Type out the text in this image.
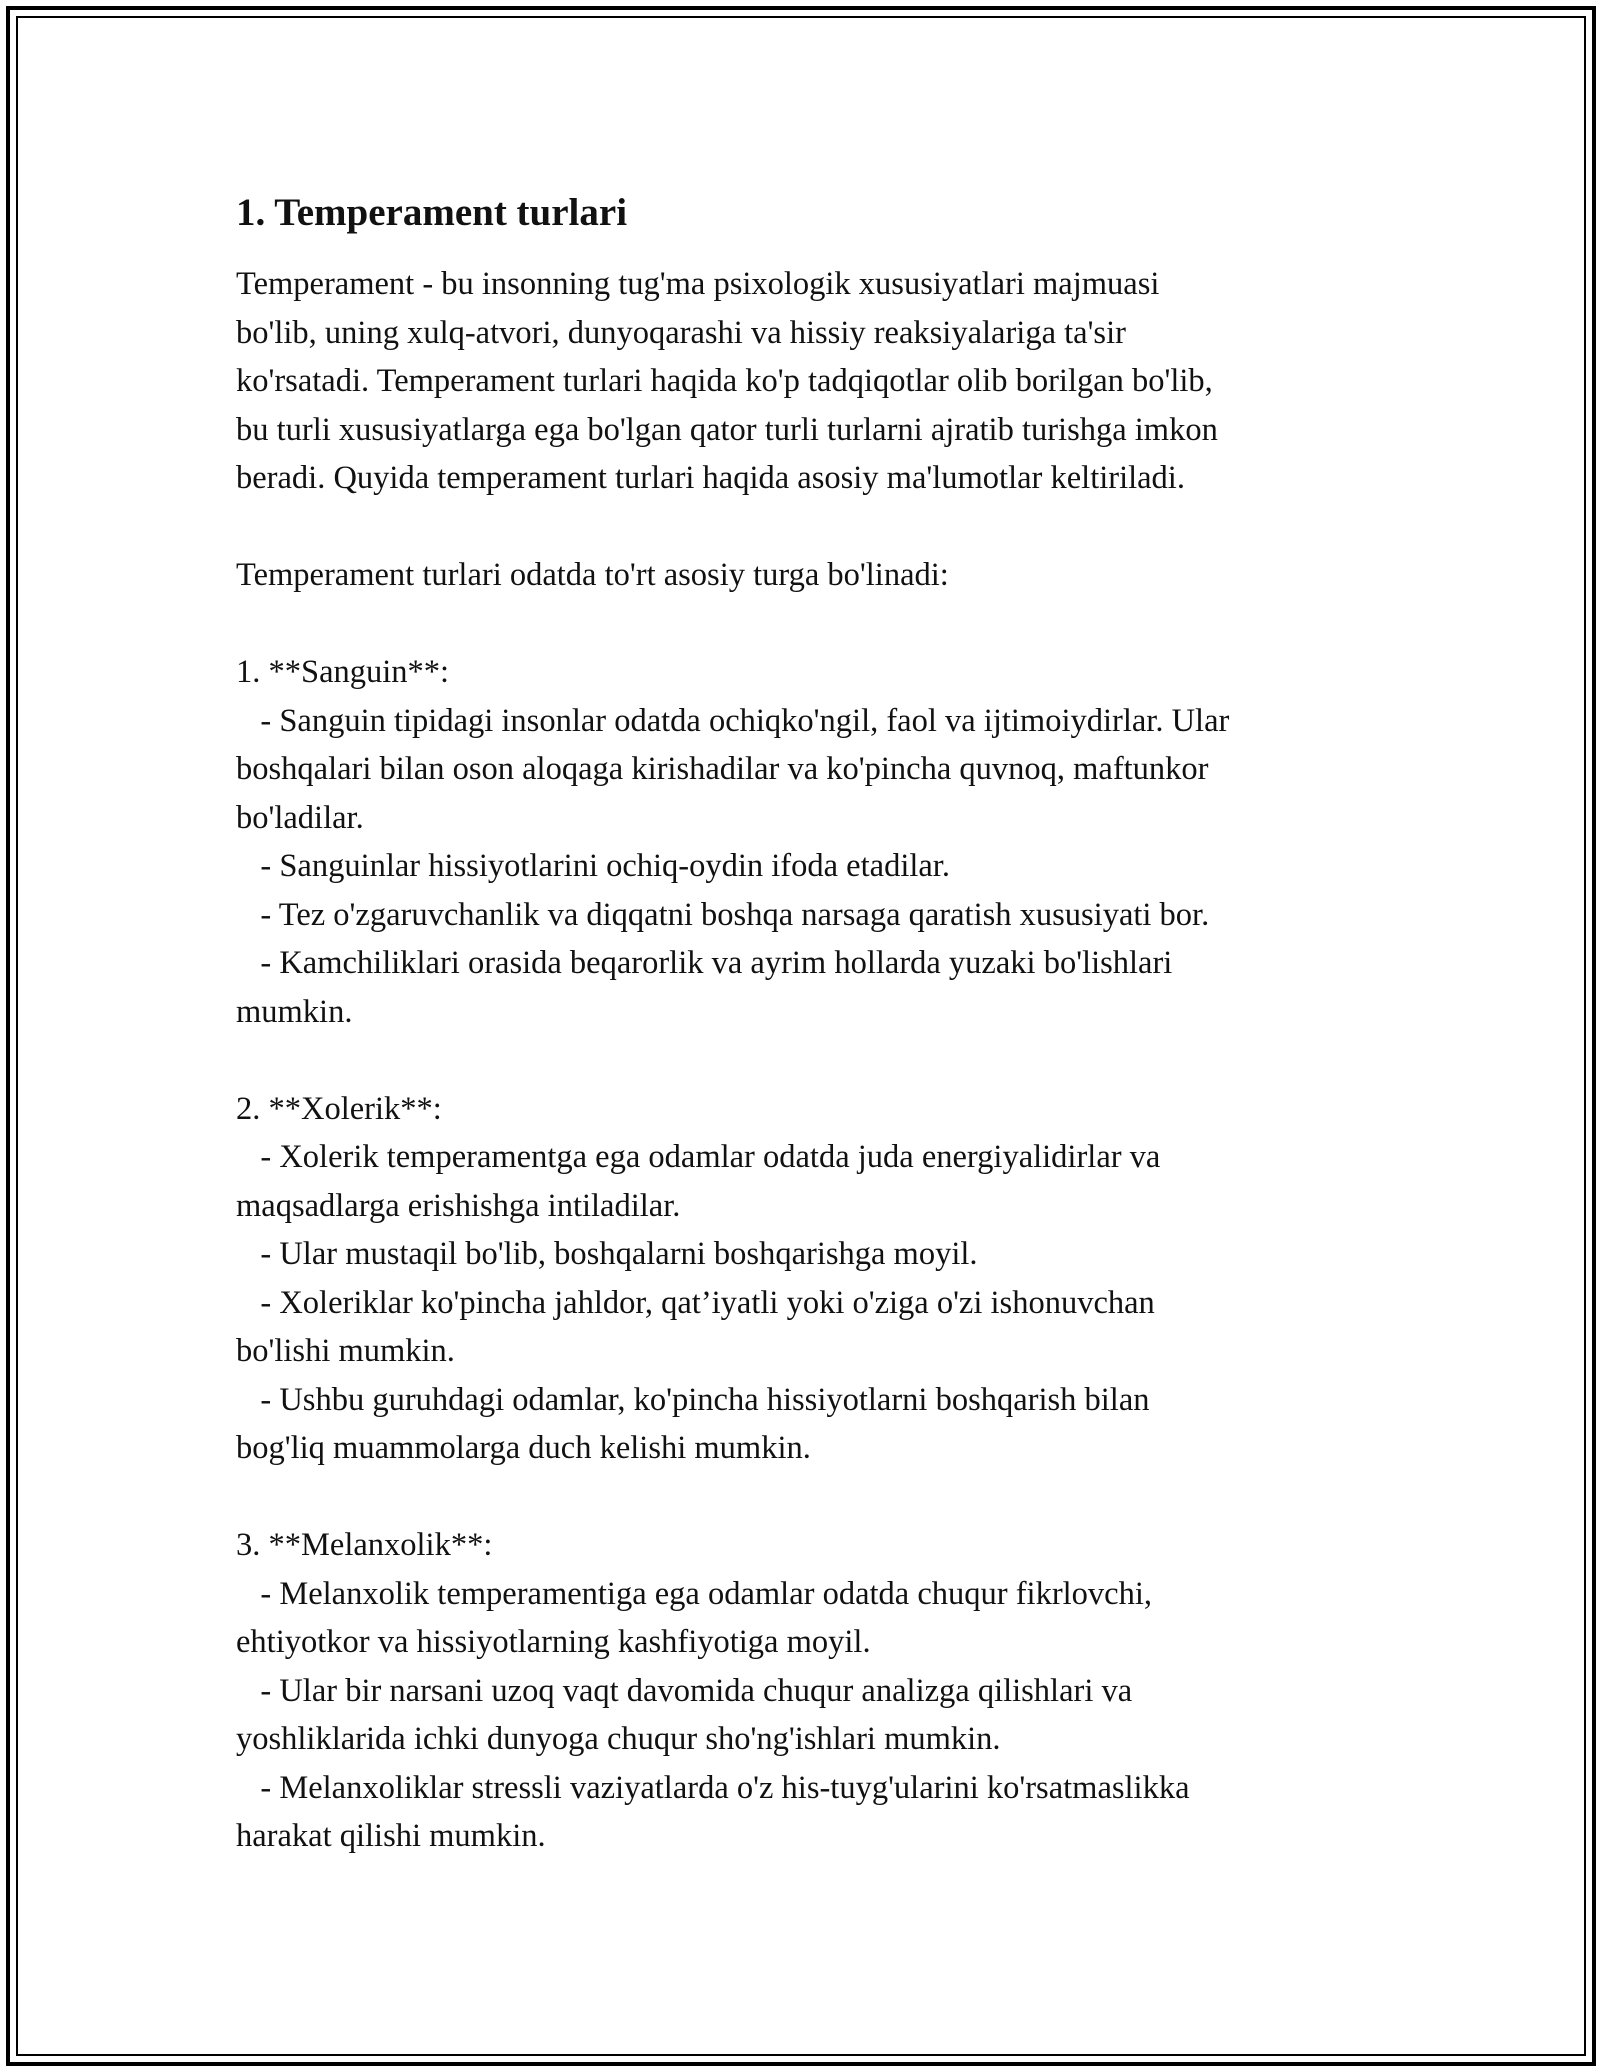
1. Temperament turlari
Temperament - bu insonning tug'ma psixologik xususiyatlari majmuasi
bo'lib, uning xulq-atvori, dunyoqarashi va hissiy reaksiyalariga ta'sir
ko'rsatadi. Temperament turlari haqida ko'p tadqiqotlar olib borilgan bo'lib,
bu turli xususiyatlarga ega bo'lgan qator turli turlarni ajratib turishga imkon
beradi. Quyida temperament turlari haqida asosiy ma'lumotlar keltiriladi.
Temperament turlari odatda to'rt asosiy turga bo'linadi:
1. **Sanguin**:
- Sanguin tipidagi insonlar odatda ochiqko'ngil, faol va ijtimoiydirlar. Ular
boshqalari bilan oson aloqaga kirishadilar va ko'pincha quvnoq, maftunkor
bo'ladilar.
- Sanguinlar hissiyotlarini ochiq-oydin ifoda etadilar.
- Tez o'zgaruvchanlik va diqqatni boshqa narsaga qaratish xususiyati bor.
- Kamchiliklari orasida beqarorlik va ayrim hollarda yuzaki bo'lishlari
mumkin.
2. **Xolerik**:
- Xolerik temperamentga ega odamlar odatda juda energiyalidirlar va
maqsadlarga erishishga intiladilar.
- Ular mustaqil bo'lib, boshqalarni boshqarishga moyil.
- Xoleriklar ko'pincha jahldor, qat’iyatli yoki o'ziga o'zi ishonuvchan
bo'lishi mumkin.
- Ushbu guruhdagi odamlar, ko'pincha hissiyotlarni boshqarish bilan
bog'liq muammolarga duch kelishi mumkin.
3. **Melanxolik**:
- Melanxolik temperamentiga ega odamlar odatda chuqur fikrlovchi,
ehtiyotkor va hissiyotlarning kashfiyotiga moyil.
- Ular bir narsani uzoq vaqt davomida chuqur analizga qilishlari va
yoshliklarida ichki dunyoga chuqur sho'ng'ishlari mumkin.
- Melanxoliklar stressli vaziyatlarda o'z his-tuyg'ularini ko'rsatmaslikka
harakat qilishi mumkin.
